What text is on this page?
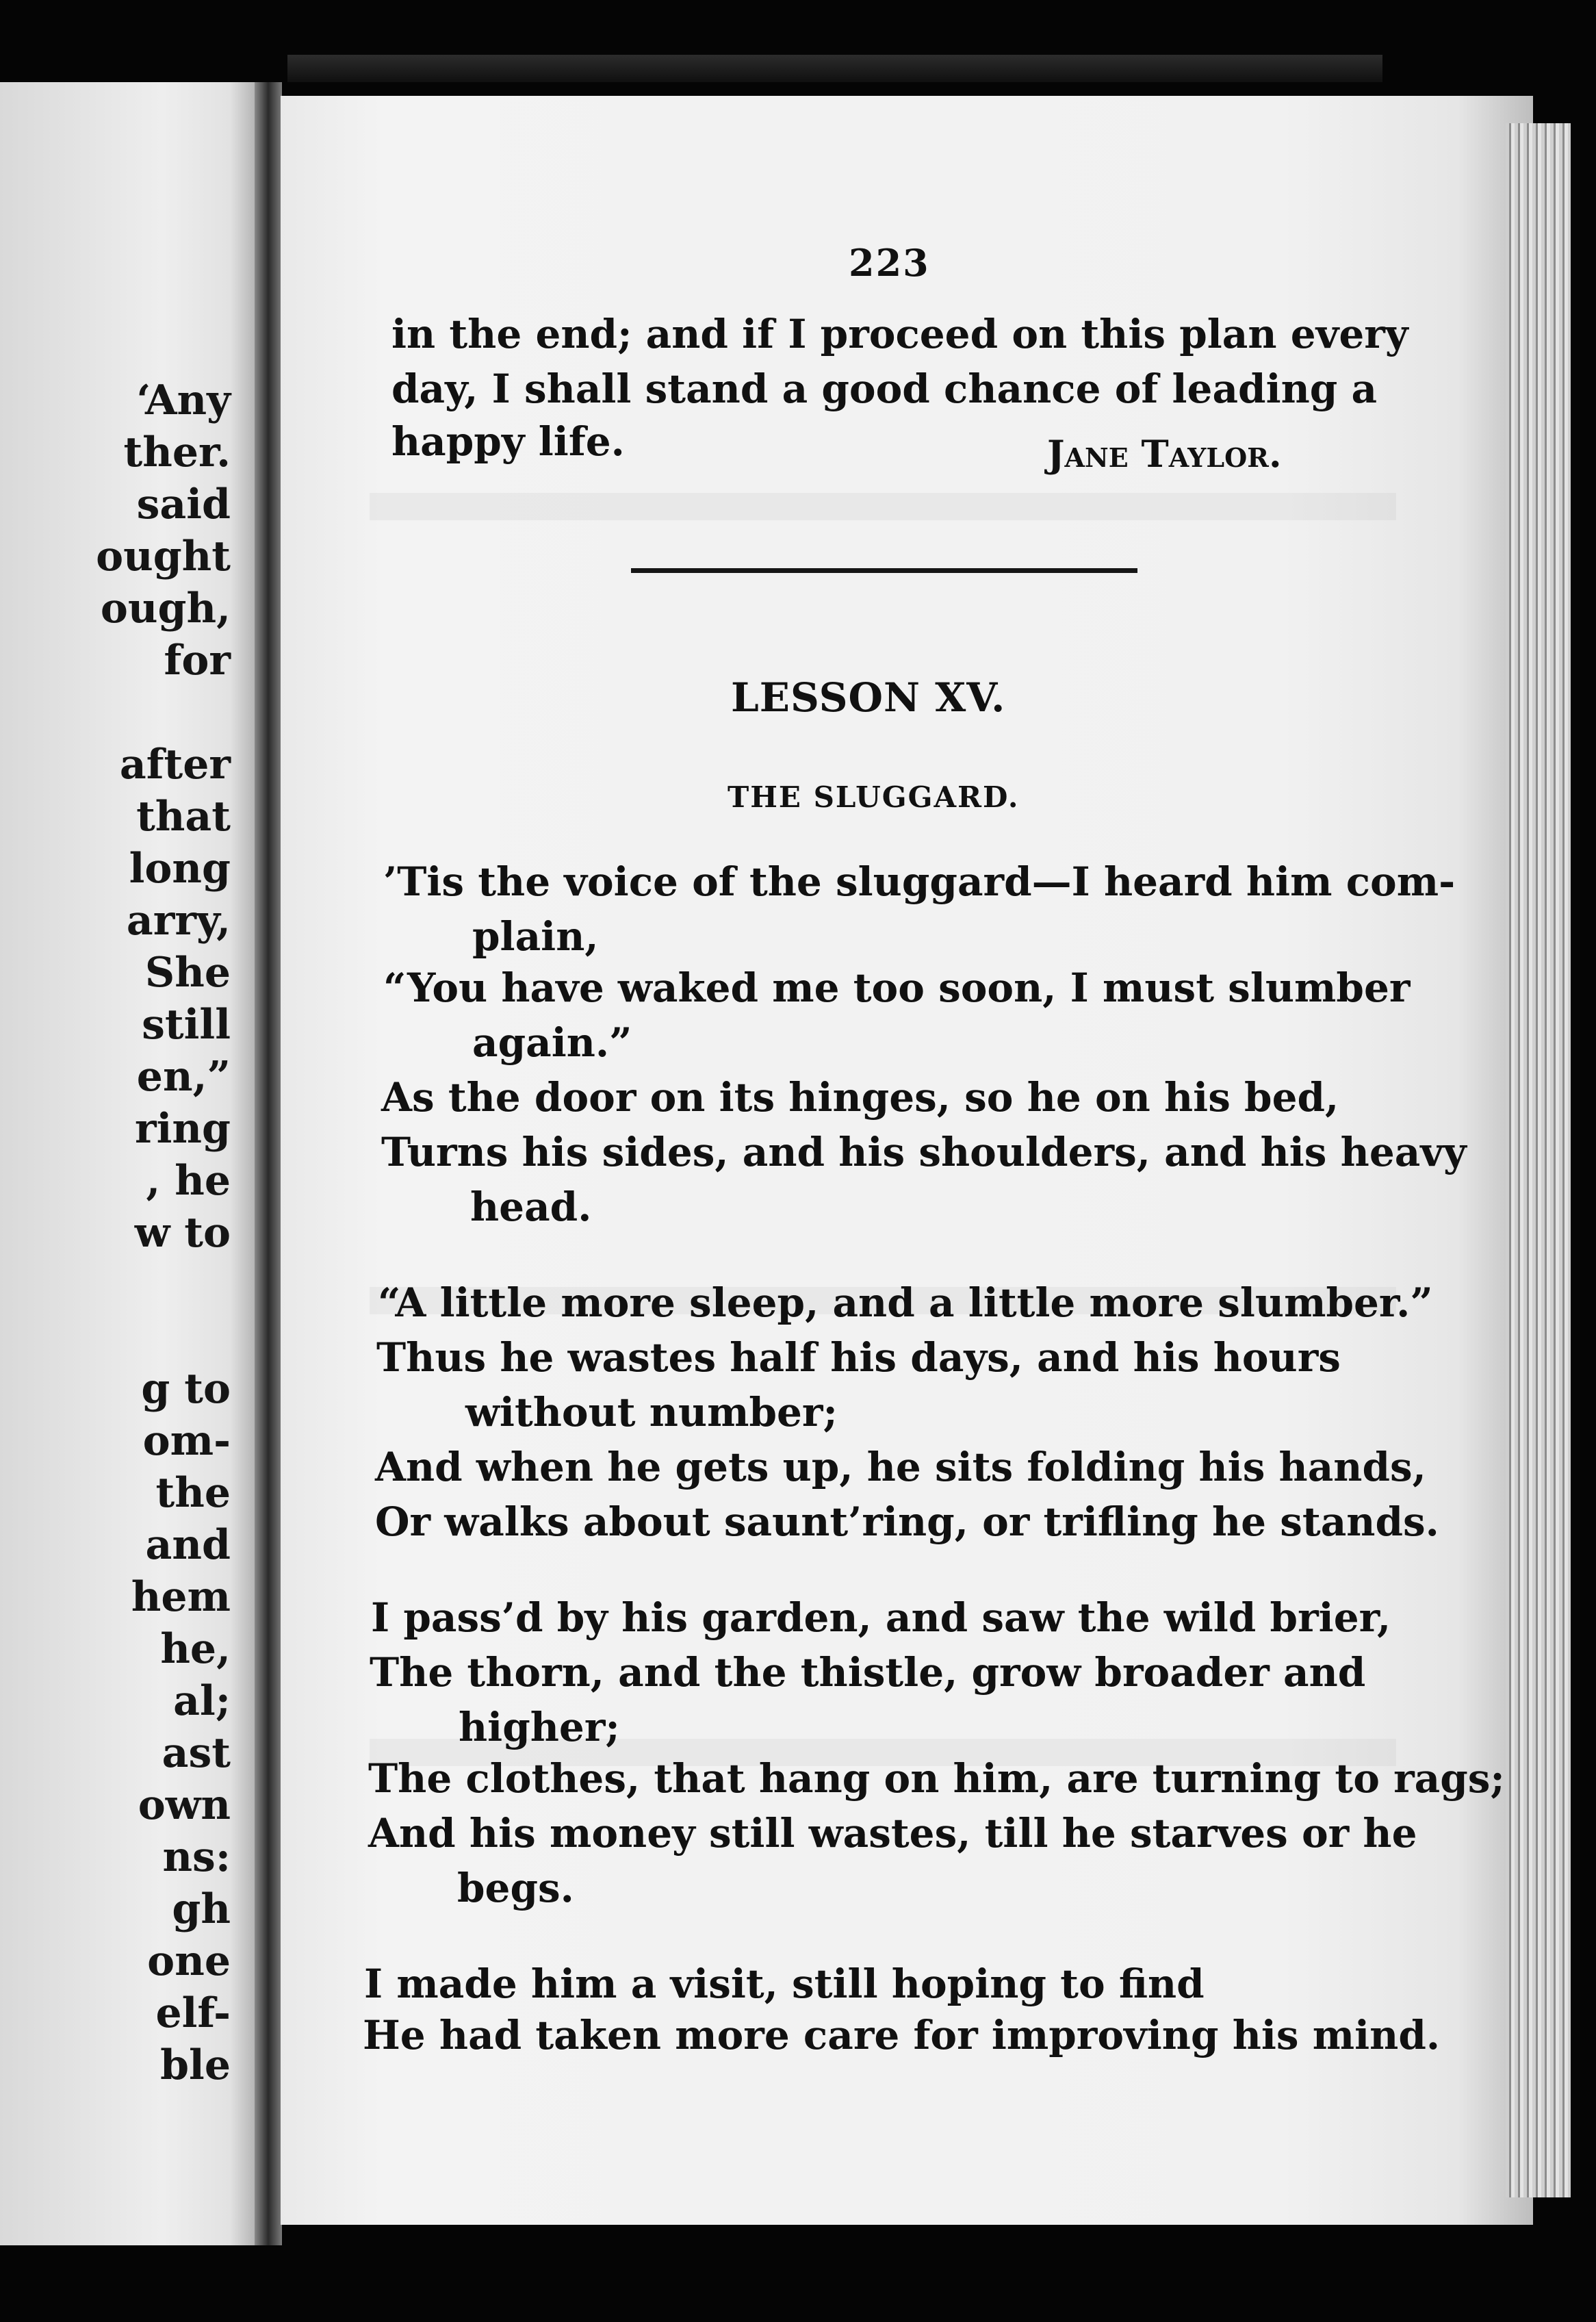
‘Any
ther.
said
ought
ough,
for
after
that
long
arry,
She
still
en,”
ring
, he
w to
g to
om-
the
and
hem
he,
al;
ast
own
ns:
gh
one
elf-
ble
223
LESSON XV.
THE SLUGGARD.
in the end; and if I proceed on this plan every
day, I shall stand a good chance of leading a
happy life.	Jane Taylor.
’Tis the voice of the sluggard—I heard him com-
plain,
“You have waked me too soon, I must slumber
again.”
As the door on its hinges, so he on his bed,
Turns his sides, and his shoulders, and his heavy
head.
“A little more sleep, and a little more slumber.”
Thus he wastes half his days, and his hours
without number;
And when he gets up, he sits folding his hands,
Or walks about saunt’ring, or trifling he stands.
I pass’d by his garden, and saw the wild brier,
The thorn, and the thistle, grow broader and
higher;
The clothes, that hang on him, are turning to rags;
And his money still wastes, till he starves or he
begs.
I made him a visit, still hoping to find
He had taken more care for improving his mind.
